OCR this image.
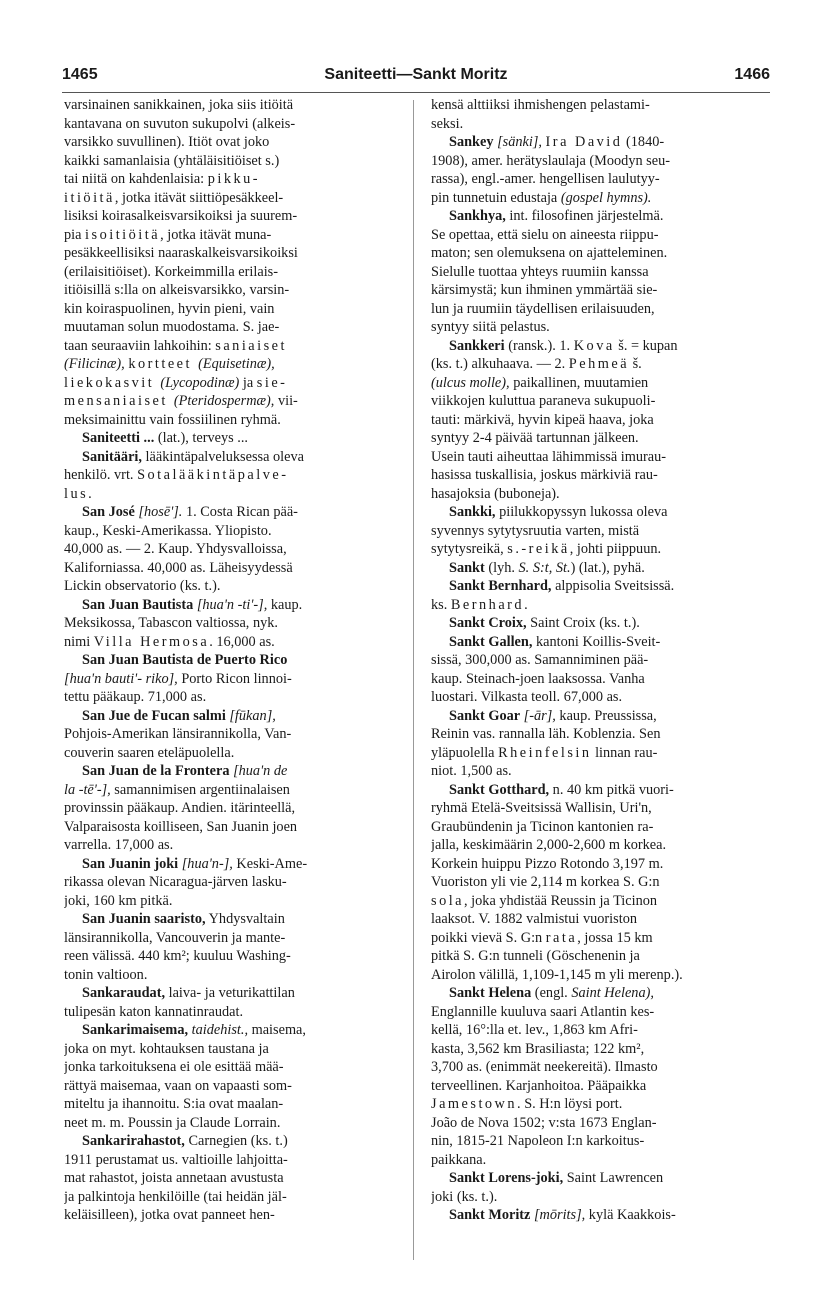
1465	Saniteetti—Sankt Moritz	1466
varsinainen sanikkainen, joka siis itiöitä
kantavana on suvuton sukupolvi (alkeis-
varsikko suvullinen). Itiöt ovat joko
kaikki samanlaisia (yhtäläisitiöiset s.)
tai niitä on kahdenlaisia: pikku-
itiöitä, jotka itävät siittiöpesäkkeel-
lisiksi koirasalkeisvarsikoiksi ja suurem-
pia isoitiöitä, jotka itävät muna-
pesäkkeellisiksi naaraskalkeisvarsikoiksi
(erilaisitiöiset). Korkeimmilla erilais-
itiöisillä s:lla on alkeisvarsikko, varsin-
kin koiraspuolinen, hyvin pieni, vain
muutaman solun muodostama. S. jae-
taan seuraaviin lahkoihin: saniaiset
(Filicinæ), kortteet (Equisetinæ),
liekokasvit (Lycopodinæ) ja sie-
mensaniaiset (Pteridospermæ), vii-
meksimainittu vain fossiilinen ryhmä.
Saniteetti ... (lat.), terveys ...
Sanitääri, lääkintäpalveluksessa oleva
henkilö. vrt. Sotalääkintäpalve-
lus.
San José [hosē']. 1. Costa Rican pää-
kaup., Keski-Amerikassa. Yliopisto.
40,000 as. — 2. Kaup. Yhdysvalloissa,
Kaliforniassa. 40,000 as. Läheisyydessä
Lickin observatorio (ks. t.).
San Juan Bautista [hua'n -ti'-], kaup.
Meksikossa, Tabascon valtiossa, nyk.
nimi Villa Hermosa. 16,000 as.
San Juan Bautista de Puerto Rico
[hua'n bauti'- riko], Porto Ricon linnoi-
tettu pääkaup. 71,000 as.
San Jue de Fucan salmi [fūkan],
Pohjois-Amerikan länsirannikolla, Van-
couverin saaren eteläpuolella.
San Juan de la Frontera [hua'n de
la -tē'-], samannimisen argentiinalaisen
provinssin pääkaup. Andien. itärinteellä,
Valparaisosta koilliseen, San Juanin joen
varrella. 17,000 as.
San Juanin joki [hua'n-], Keski-Ame-
rikassa olevan Nicaragua-järven lasku-
joki, 160 km pitkä.
San Juanin saaristo, Yhdysvaltain
länsirannikolla, Vancouverin ja mante-
reen välissä. 440 km²; kuuluu Washing-
tonin valtioon.
Sankaraudat, laiva- ja veturikattilan
tulipesän katon kannatinraudat.
Sankarimaisema, taidehist., maisema,
joka on myt. kohtauksen taustana ja
jonka tarkoituksena ei ole esittää mää-
rättyä maisemaa, vaan on vapaasti som-
miteltu ja ihannoitu. S:ia ovat maalan-
neet m. m. Poussin ja Claude Lorrain.
Sankarirahastot, Carnegien (ks. t.)
1911 perustamat us. valtioille lahjoitta-
mat rahastot, joista annetaan avustusta
ja palkintoja henkilöille (tai heidän jäl-
keläisilleen), jotka ovat panneet hen-
kensä alttiiksi ihmishengen pelastami-
seksi.
Sankey [sänki], Ira David (1840-
1908), amer. herätyslaulaja (Moodyn seu-
rassa), engl.-amer. hengellisen laulutyy-
pin tunnetuin edustaja (gospel hymns).
Sankhya, int. filosofinen järjestelmä.
Se opettaa, että sielu on aineesta riippu-
maton; sen olemuksena on ajatteleminen.
Sielulle tuottaa yhteys ruumiin kanssa
kärsimystä; kun ihminen ymmärtää sie-
lun ja ruumiin täydellisen erilaisuuden,
syntyy siitä pelastus.
Sankkeri (ransk.). 1. Kova š. = kupan
(ks. t.) alkuhaava. — 2. Pehmeä š.
(ulcus molle), paikallinen, muutamien
viikkojen kuluttua paraneva sukupuoli-
tauti: märkivä, hyvin kipeä haava, joka
syntyy 2-4 päivää tartunnan jälkeen.
Usein tauti aiheuttaa lähimmissä imurau-
hasissa tuskallisia, joskus märkiviä rau-
hasajoksia (buboneja).
Sankki, piilukkopyssyn lukossa oleva
syvennys sytytysruutia varten, mistä
sytytysreikä, s.-reikä, johti piippuun.
Sankt (lyh. S. S:t, St.) (lat.), pyhä.
Sankt Bernhard, alppisolia Sveitsissä.
ks. Bernhard.
Sankt Croix, Saint Croix (ks. t.).
Sankt Gallen, kantoni Koillis-Sveit-
sissä, 300,000 as. Samanniminen pää-
kaup. Steinach-joen laaksossa. Vanha
luostari. Vilkasta teoll. 67,000 as.
Sankt Goar [-ār], kaup. Preussissa,
Reinin vas. rannalla läh. Koblenzia. Sen
yläpuolella Rheinfelsin linnan rau-
niot. 1,500 as.
Sankt Gotthard, n. 40 km pitkä vuori-
ryhmä Etelä-Sveitsissä Wallisin, Uri'n,
Graubündenin ja Ticinon kantonien ra-
jalla, keskimäärin 2,000-2,600 m korkea.
Korkein huippu Pizzo Rotondo 3,197 m.
Vuoriston yli vie 2,114 m korkea S. G:n
sola, joka yhdistää Reussin ja Ticinon
laaksot. V. 1882 valmistui vuoriston
poikki vievä S. G:n rata, jossa 15 km
pitkä S. G:n tunneli (Göschenenin ja
Airolon välillä, 1,109-1,145 m yli merenp.).
Sankt Helena (engl. Saint Helena),
Englannille kuuluva saari Atlantin kes-
kellä, 16°:lla et. lev., 1,863 km Afri-
kasta, 3,562 km Brasiliasta; 122 km²,
3,700 as. (enimmät neekereitä). Ilmasto
terveellinen. Karjanhoitoa. Pääpaikka
Jamestown. S. H:n löysi port.
João de Nova 1502; v:sta 1673 Englan-
nin, 1815-21 Napoleon I:n karkoitus-
paikkana.
Sankt Lorens-joki, Saint Lawrencen
joki (ks. t.).
Sankt Moritz [mōrits], kylä Kaakkois-
